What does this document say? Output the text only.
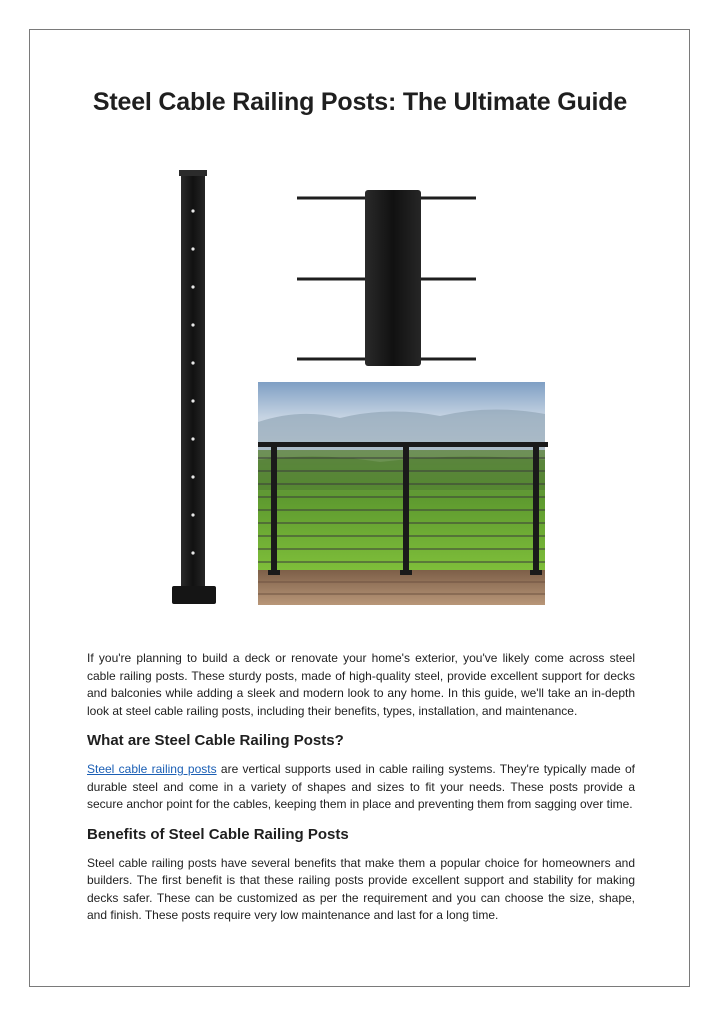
Steel Cable Railing Posts: The Ultimate Guide

If you're planning to build a deck or renovate your home's exterior, you've likely come across steel cable railing posts. These sturdy posts, made of high-quality steel, provide excellent support for decks and balconies while adding a sleek and modern look to any home. In this guide, we'll take an in-depth look at steel cable railing posts, including their benefits, types, installation, and maintenance.

What are Steel Cable Railing Posts?

Steel cable railing posts are vertical supports used in cable railing systems. They're typically made of durable steel and come in a variety of shapes and sizes to fit your needs. These posts provide a secure anchor point for the cables, keeping them in place and preventing them from sagging over time.

Benefits of Steel Cable Railing Posts

Steel cable railing posts have several benefits that make them a popular choice for homeowners and builders. The first benefit is that these railing posts provide excellent support and stability for making decks safer. These can be customized as per the requirement and you can choose the size, shape, and finish. These posts require very low maintenance and last for a long time.
